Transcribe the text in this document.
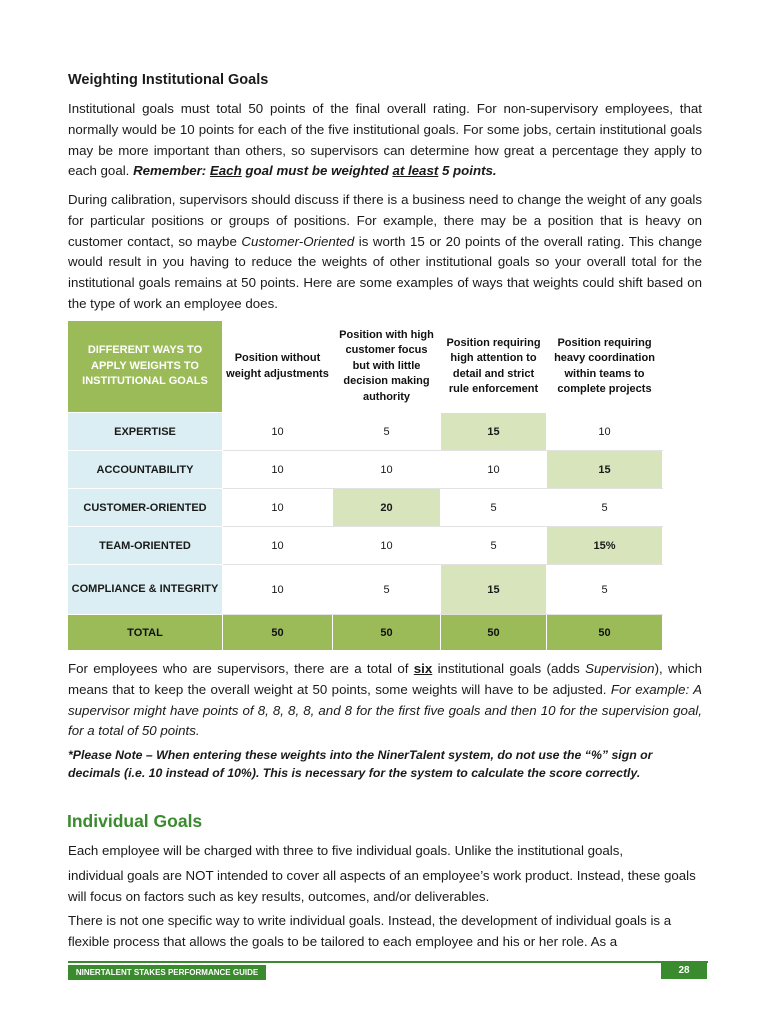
Weighting Institutional Goals

Institutional goals must total 50 points of the final overall rating. For non-supervisory employees, that normally would be 10 points for each of the five institutional goals. For some jobs, certain institutional goals may be more important than others, so supervisors can determine how great a percentage they apply to each goal. Remember: Each goal must be weighted at least 5 points.

During calibration, supervisors should discuss if there is a business need to change the weight of any goals for particular positions or groups of positions. For example, there may be a position that is heavy on customer contact, so maybe Customer-Oriented is worth 15 or 20 points of the overall rating. This change would result in you having to reduce the weights of other institutional goals so your overall total for the institutional goals remains at 50 points. Here are some examples of ways that weights could shift based on the type of work an employee does.

DIFFERENT WAYS TO APPLY WEIGHTS TO INSTITUTIONAL GOALS	Position without weight adjustments	Position with high customer focus but with little decision making authority	Position requiring high attention to detail and strict rule enforcement	Position requiring heavy coordination within teams to complete projects
EXPERTISE	10	5	15	10
ACCOUNTABILITY	10	10	10	15
CUSTOMER-ORIENTED	10	20	5	5
TEAM-ORIENTED	10	10	5	15%
COMPLIANCE & INTEGRITY	10	5	15	5
TOTAL	50	50	50	50

For employees who are supervisors, there are a total of six institutional goals (adds Supervision), which means that to keep the overall weight at 50 points, some weights will have to be adjusted. For example: A supervisor might have points of 8, 8, 8, 8, and 8 for the first five goals and then 10 for the supervision goal, for a total of 50 points.

*Please Note – When entering these weights into the NinerTalent system, do not use the “%” sign or decimals (i.e. 10 instead of 10%). This is necessary for the system to calculate the score correctly.

Individual Goals

Each employee will be charged with three to five individual goals. Unlike the institutional goals,

individual goals are NOT intended to cover all aspects of an employee’s work product. Instead, these goals will focus on factors such as key results, outcomes, and/or deliverables.

There is not one specific way to write individual goals. Instead, the development of individual goals is a flexible process that allows the goals to be tailored to each employee and his or her role. As a

NINERTALENT STAKES PERFORMANCE GUIDE	28
